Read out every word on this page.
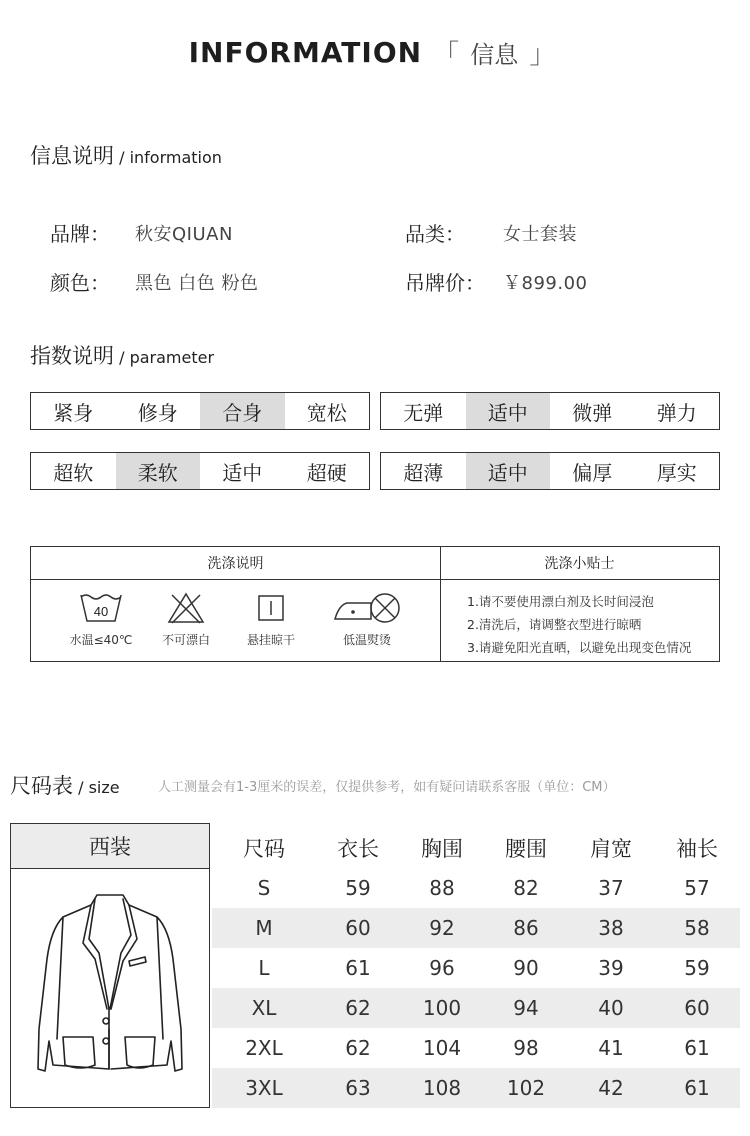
INFORMATION 「 信息 」
信息说明 / information
品牌： 秋安QIUAN	品类： 女士套装
颜色： 黑色 白色 粉色	吊牌价： ￥899.00
指数说明 / parameter
紧身	修身	合身	宽松	无弹	适中	微弹	弹力
超软	柔软	适中	超硬	超薄	适中	偏厚	厚实
洗涤说明	洗涤小贴士
40
水温≤40℃	不可漂白	悬挂晾干	低温熨烫
1.请不要使用漂白剂及长时间浸泡
2.清洗后，请调整衣型进行晾晒
3.请避免阳光直晒，以避免出现变色情况
尺码表 / size	人工测量会有1-3厘米的误差，仅提供参考，如有疑问请联系客服（单位：CM）
西装	尺码	衣长	胸围	腰围	肩宽	袖长
S	59	88	82	37	57
M	60	92	86	38	58
L	61	96	90	39	59
XL	62	100	94	40	60
2XL	62	104	98	41	61
3XL	63	108	102	42	61
